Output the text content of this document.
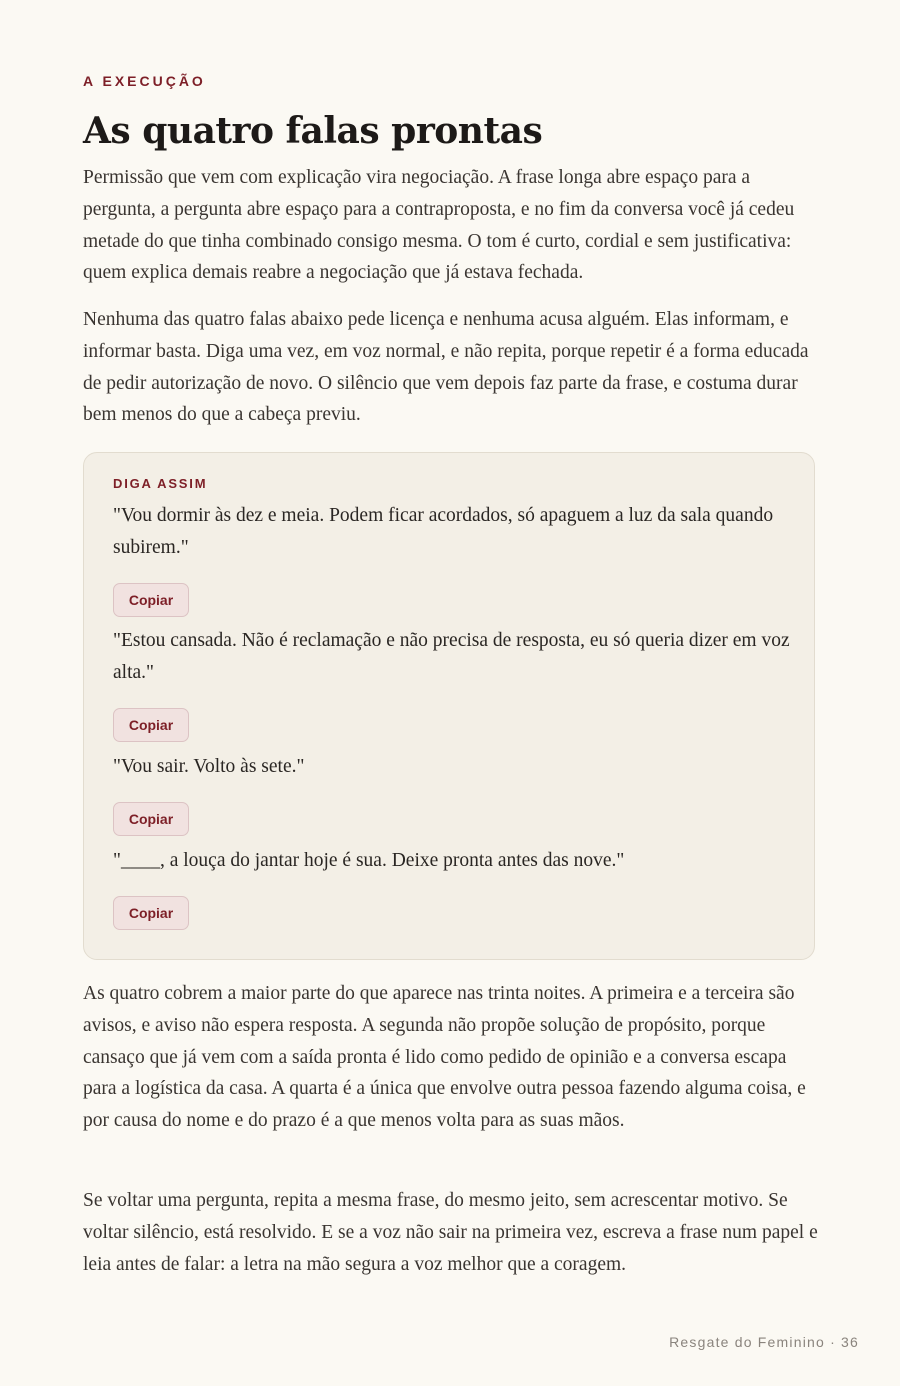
A EXECUÇÃO

As quatro falas prontas

Permissão que vem com explicação vira negociação. A frase longa abre espaço para a pergunta, a pergunta abre espaço para a contraproposta, e no fim da conversa você já cedeu metade do que tinha combinado consigo mesma. O tom é curto, cordial e sem justificativa: quem explica demais reabre a negociação que já estava fechada.

Nenhuma das quatro falas abaixo pede licença e nenhuma acusa alguém. Elas informam, e informar basta. Diga uma vez, em voz normal, e não repita, porque repetir é a forma educada de pedir autorização de novo. O silêncio que vem depois faz parte da frase, e costuma durar bem menos do que a cabeça previu.

DIGA ASSIM

"Vou dormir às dez e meia. Podem ficar acordados, só apaguem a luz da sala quando subirem."

Copiar

"Estou cansada. Não é reclamação e não precisa de resposta, eu só queria dizer em voz alta."

Copiar

"Vou sair. Volto às sete."

Copiar

"____, a louça do jantar hoje é sua. Deixe pronta antes das nove."

Copiar

As quatro cobrem a maior parte do que aparece nas trinta noites. A primeira e a terceira são avisos, e aviso não espera resposta. A segunda não propõe solução de propósito, porque cansaço que já vem com a saída pronta é lido como pedido de opinião e a conversa escapa para a logística da casa. A quarta é a única que envolve outra pessoa fazendo alguma coisa, e por causa do nome e do prazo é a que menos volta para as suas mãos.

Se voltar uma pergunta, repita a mesma frase, do mesmo jeito, sem acrescentar motivo. Se voltar silêncio, está resolvido. E se a voz não sair na primeira vez, escreva a frase num papel e leia antes de falar: a letra na mão segura a voz melhor que a coragem.

Resgate do Feminino · 36
